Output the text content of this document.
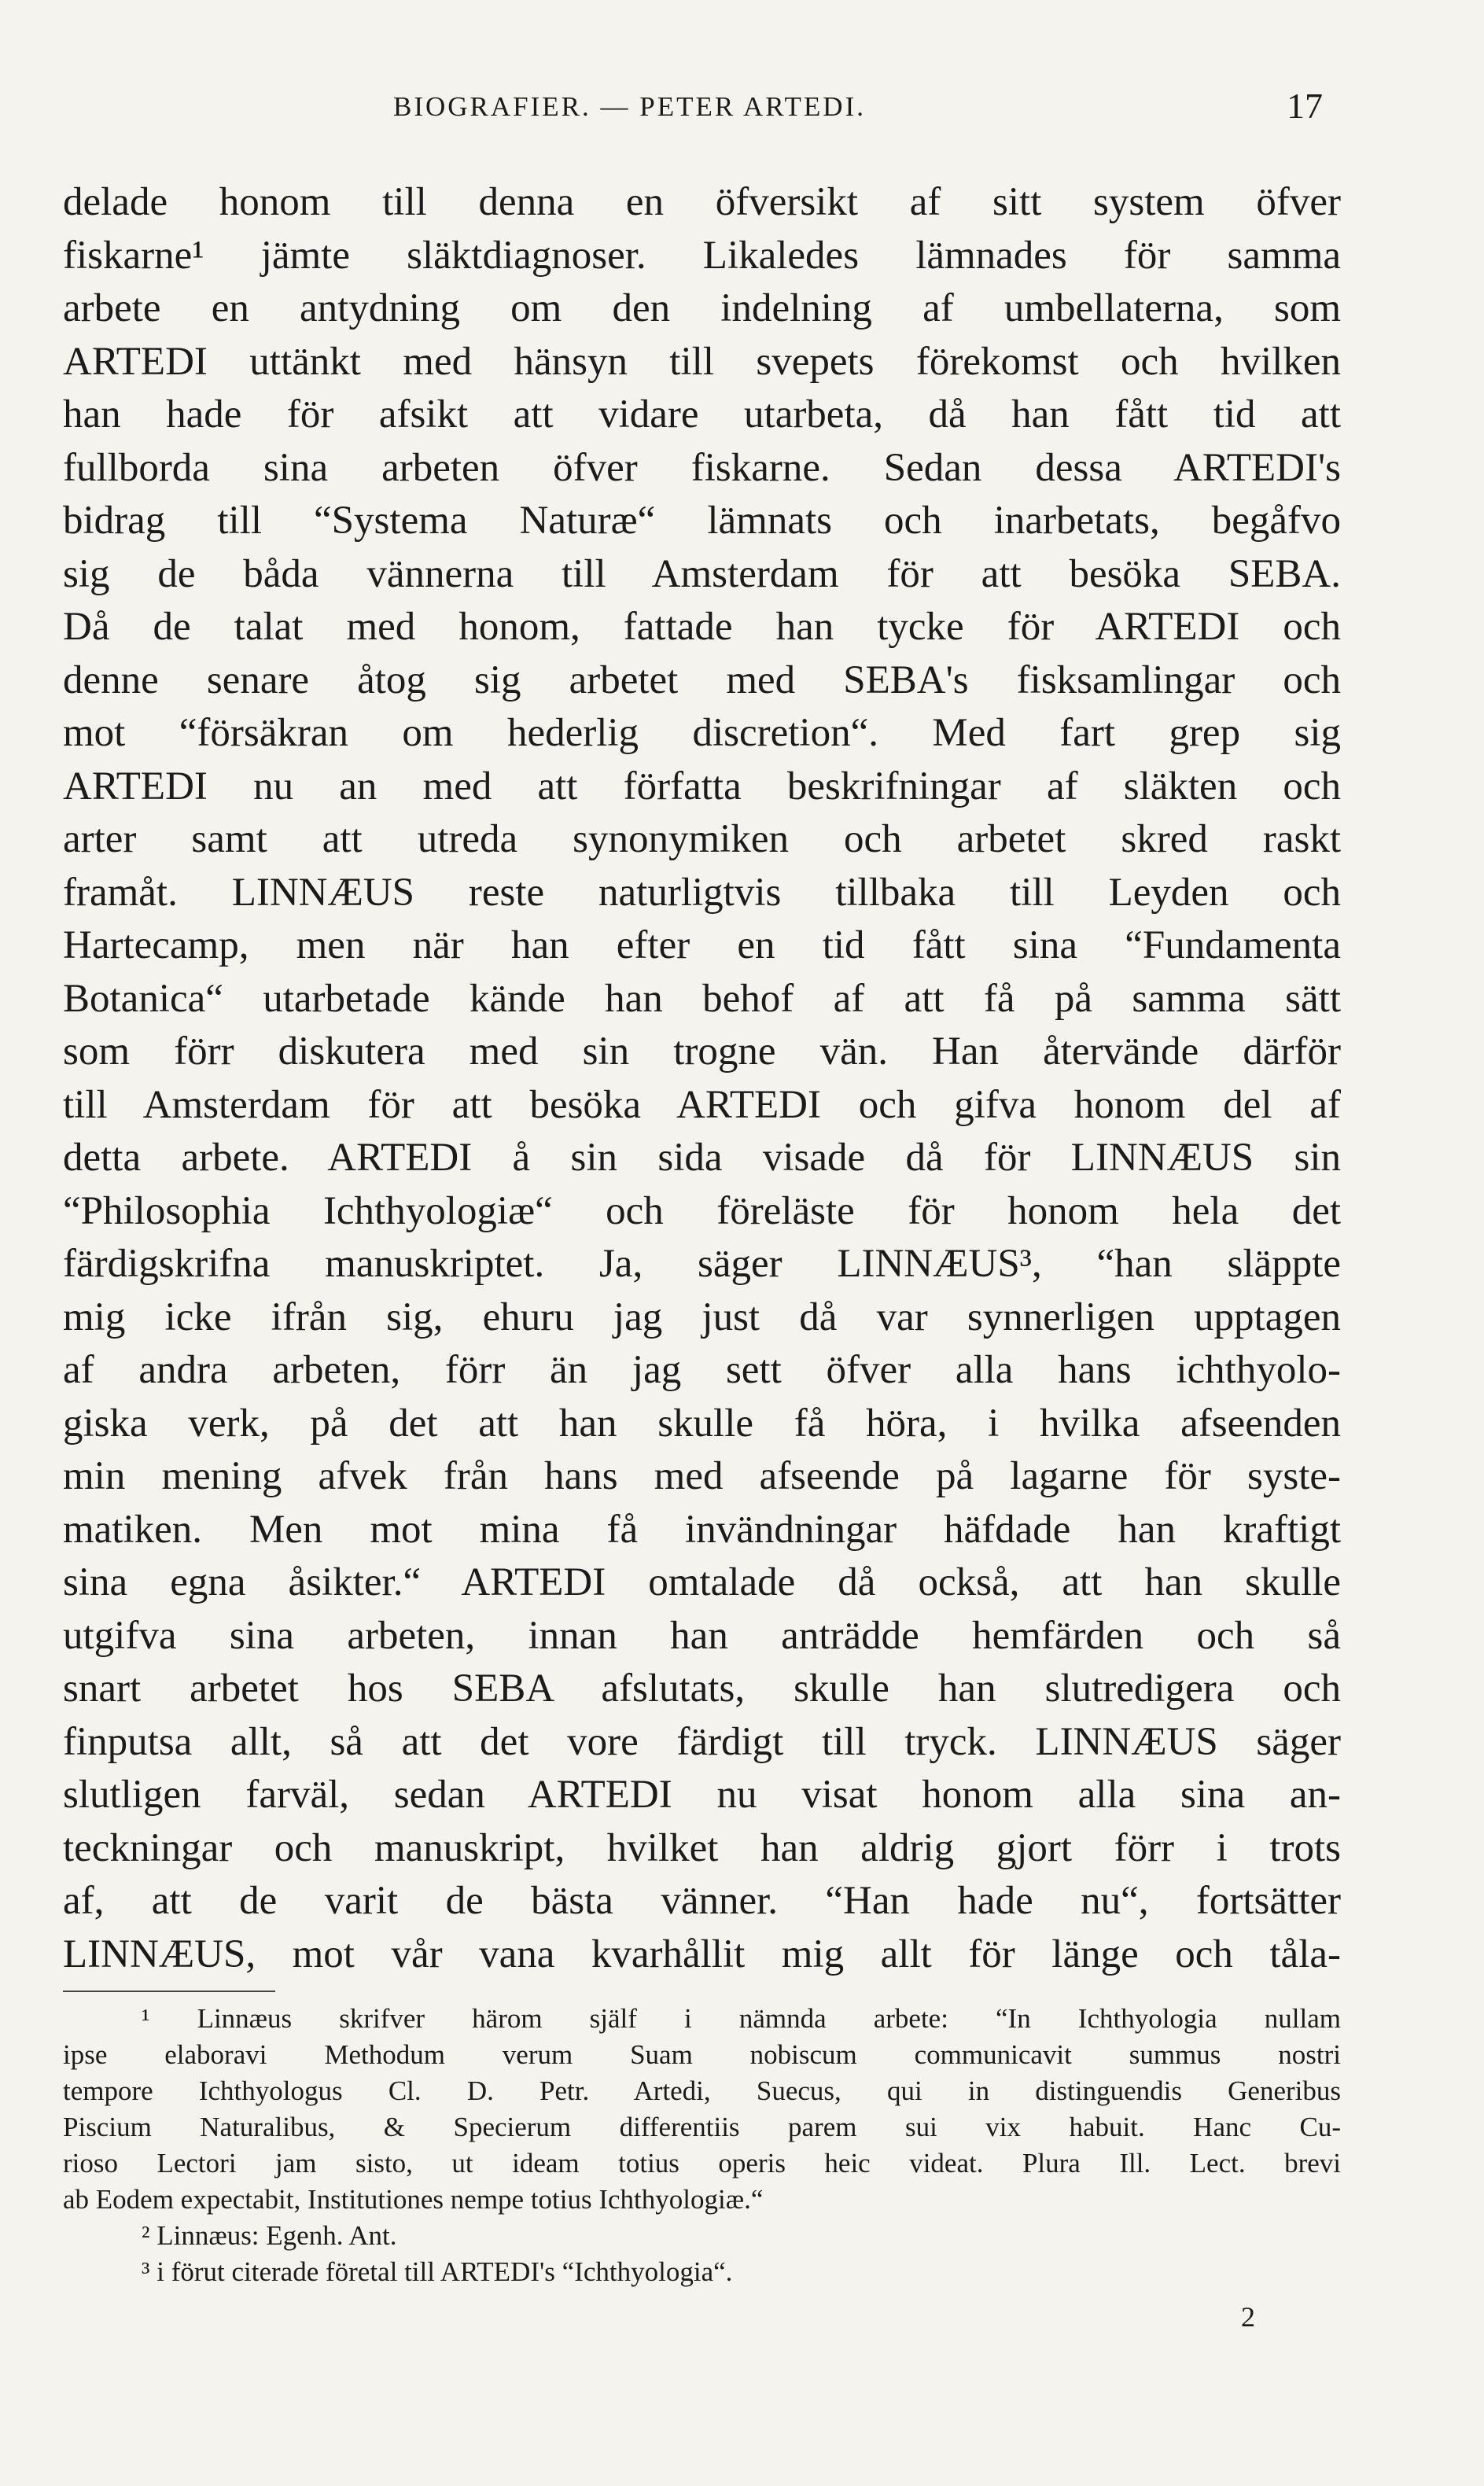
BIOGRAFIER. — PETER ARTEDI.	17
delade honom till denna en öfversikt af sitt system öfver
fiskarne¹ jämte släktdiagnoser. Likaledes lämnades för samma
arbete en antydning om den indelning af umbellaterna, som
ARTEDI uttänkt med hänsyn till svepets förekomst och hvilken
han hade för afsikt att vidare utarbeta, då han fått tid att
fullborda sina arbeten öfver fiskarne. Sedan dessa ARTEDI's
bidrag till “Systema Naturæ“ lämnats och inarbetats, begåfvo
sig de båda vännerna till Amsterdam för att besöka SEBA.
Då de talat med honom, fattade han tycke för ARTEDI och
denne senare åtog sig arbetet med SEBA's fisksamlingar och
mot “försäkran om hederlig discretion“. Med fart grep sig
ARTEDI nu an med att författa beskrifningar af släkten och
arter samt att utreda synonymiken och arbetet skred raskt
framåt. LINNÆUS reste naturligtvis tillbaka till Leyden och
Hartecamp, men när han efter en tid fått sina “Fundamenta
Botanica“ utarbetade kände han behof af att få på samma sätt
som förr diskutera med sin trogne vän. Han återvände därför
till Amsterdam för att besöka ARTEDI och gifva honom del af
detta arbete. ARTEDI å sin sida visade då för LINNÆUS sin
“Philosophia Ichthyologiæ“ och föreläste för honom hela det
färdigskrifna manuskriptet. Ja, säger LINNÆUS³, “han släppte
mig icke ifrån sig, ehuru jag just då var synnerligen upptagen
af andra arbeten, förr än jag sett öfver alla hans ichthyolo-
giska verk, på det att han skulle få höra, i hvilka afseenden
min mening afvek från hans med afseende på lagarne för syste-
matiken. Men mot mina få invändningar häfdade han kraftigt
sina egna åsikter.“ ARTEDI omtalade då också, att han skulle
utgifva sina arbeten, innan han anträdde hemfärden och så
snart arbetet hos SEBA afslutats, skulle han slutredigera och
finputsa allt, så att det vore färdigt till tryck. LINNÆUS säger
slutligen farväl, sedan ARTEDI nu visat honom alla sina an-
teckningar och manuskript, hvilket han aldrig gjort förr i trots
af, att de varit de bästa vänner. “Han hade nu“, fortsätter
LINNÆUS, mot vår vana kvarhållit mig allt för länge och tåla-
¹ Linnæus skrifver härom själf i nämnda arbete: “In Ichthyologia nullam
ipse elaboravi Methodum verum Suam nobiscum communicavit summus nostri
tempore Ichthyologus Cl. D. Petr. Artedi, Suecus, qui in distinguendis Generibus
Piscium Naturalibus, & Specierum differentiis parem sui vix habuit. Hanc Cu-
rioso Lectori jam sisto, ut ideam totius operis heic videat. Plura Ill. Lect. brevi
ab Eodem expectabit, Institutiones nempe totius Ichthyologiæ.“
² Linnæus: Egenh. Ant.
³ i förut citerade företal till ARTEDI's “Ichthyologia“.
2
